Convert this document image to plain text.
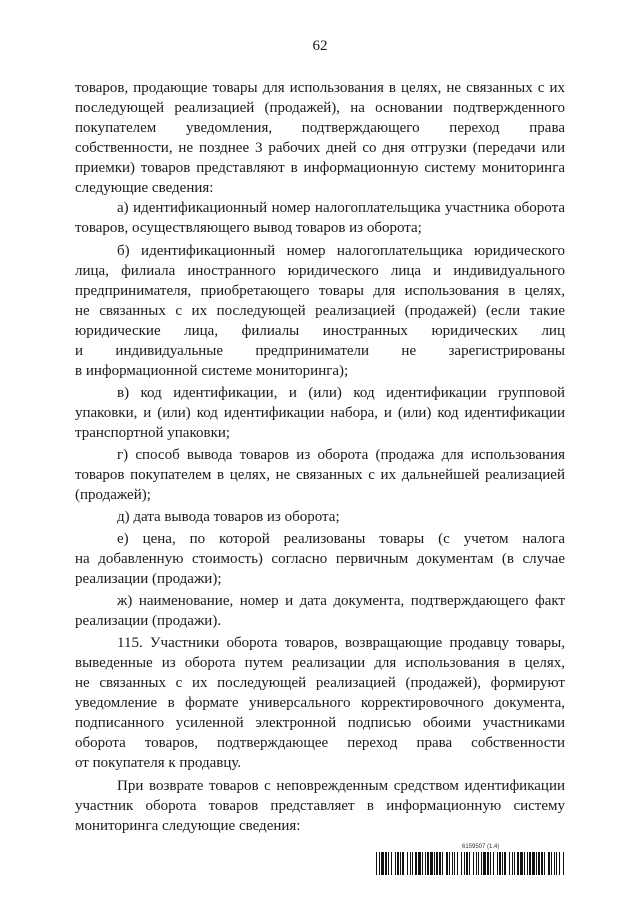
62
товаров, продающие товары для использования в целях, не связанных с их
последующей реализацией (продажей), на основании подтвержденного
покупателем уведомления, подтверждающего переход права
собственности, не позднее 3 рабочих дней со дня отгрузки (передачи или
приемки) товаров представляют в информационную систему мониторинга
следующие сведения:
а) идентификационный номер налогоплательщика участника оборота
товаров, осуществляющего вывод товаров из оборота;
б) идентификационный номер налогоплательщика юридического
лица, филиала иностранного юридического лица и индивидуального
предпринимателя, приобретающего товары для использования в целях,
не связанных с их последующей реализацией (продажей) (если такие
юридические лица, филиалы иностранных юридических лиц
и индивидуальные предприниматели не зарегистрированы
в информационной системе мониторинга);
в) код идентификации, и (или) код идентификации групповой
упаковки, и (или) код идентификации набора, и (или) код идентификации
транспортной упаковки;
г) способ вывода товаров из оборота (продажа для использования
товаров покупателем в целях, не связанных с их дальнейшей реализацией
(продажей);
д) дата вывода товаров из оборота;
е) цена, по которой реализованы товары (с учетом налога
на добавленную стоимость) согласно первичным документам (в случае
реализации (продажи);
ж) наименование, номер и дата документа, подтверждающего факт
реализации (продажи).
115. Участники оборота товаров, возвращающие продавцу товары,
выведенные из оборота путем реализации для использования в целях,
не связанных с их последующей реализацией (продажей), формируют
уведомление в формате универсального корректировочного документа,
подписанного усиленной электронной подписью обоими участниками
оборота товаров, подтверждающее переход права собственности
от покупателя к продавцу.
При возврате товаров с неповрежденным средством идентификации
участник оборота товаров представляет в информационную систему
мониторинга следующие сведения:
6159507 (1.4)
